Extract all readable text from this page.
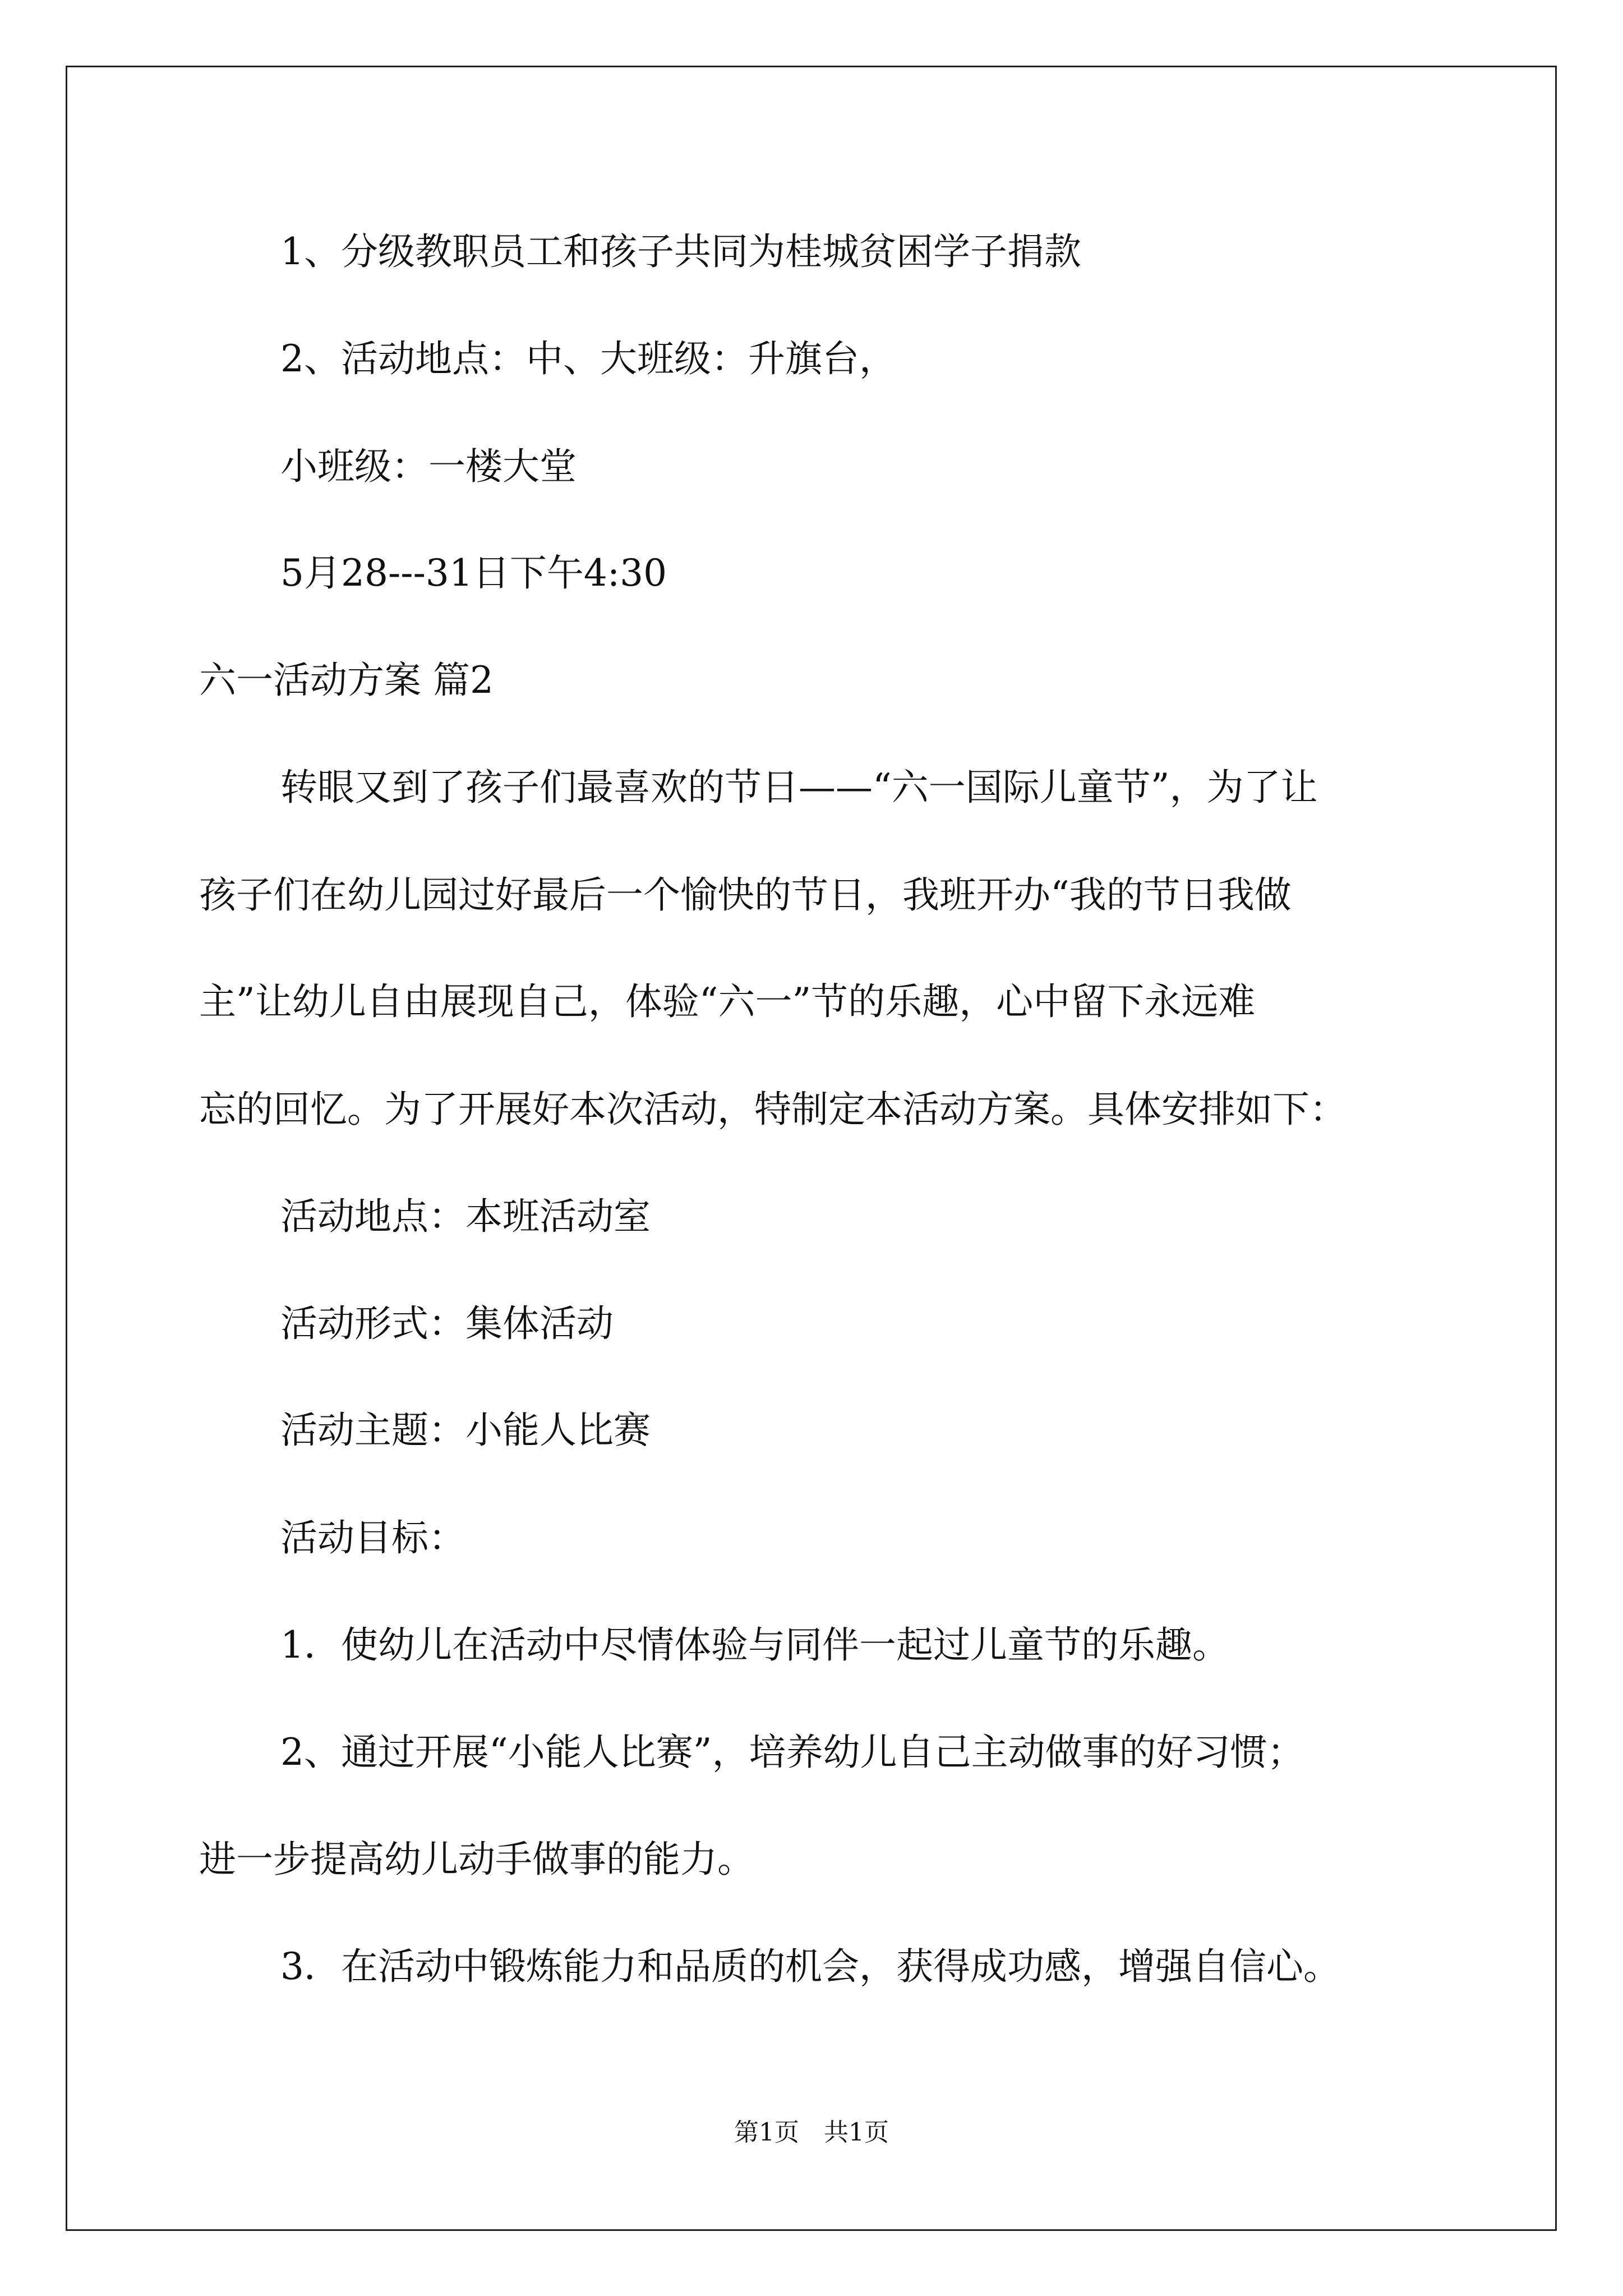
1、分级教职员工和孩子共同为桂城贫困学子捐款
2、活动地点：中、大班级：升旗台，
小班级：一楼大堂
5月28---31日下午4:30
六一活动方案 篇2
转眼又到了孩子们最喜欢的节日——“六一国际儿童节”，为了让
孩子们在幼儿园过好最后一个愉快的节日，我班开办“我的节日我做
主”让幼儿自由展现自己，体验“六一”节的乐趣，心中留下永远难
忘的回忆。为了开展好本次活动，特制定本活动方案。具体安排如下：
活动地点：本班活动室
活动形式：集体活动
活动主题：小能人比赛
活动目标：
1．使幼儿在活动中尽情体验与同伴一起过儿童节的乐趣。
2、通过开展“小能人比赛”，培养幼儿自己主动做事的好习惯；
进一步提高幼儿动手做事的能力。
3．在活动中锻炼能力和品质的机会，获得成功感，增强自信心。
第1页　共1页
